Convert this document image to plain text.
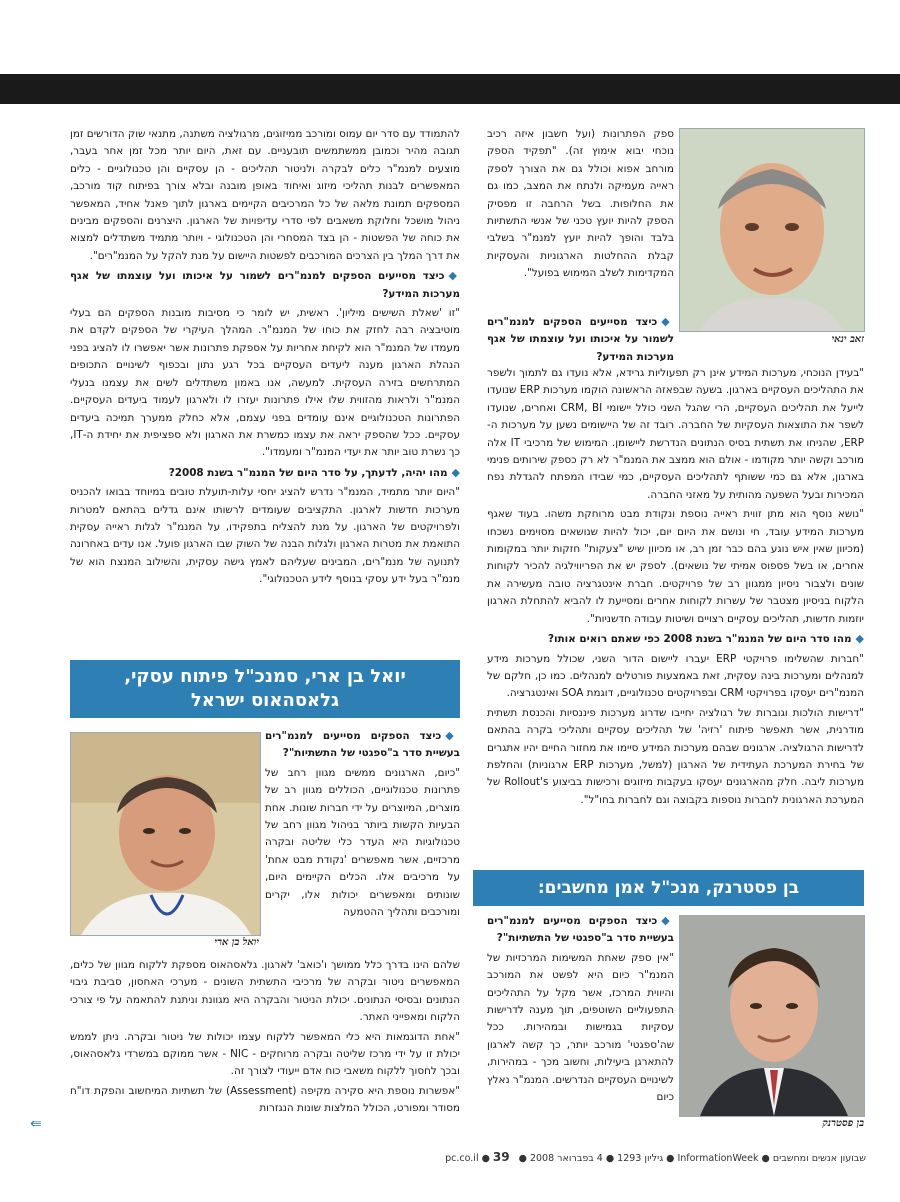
ספק הפתרונות (ועל חשבון איזה רכיב נוכחי יבוא אימוץ זה). "תפקיד הספק מורחב אפוא וכולל גם את הצורך לספק ראייה מעמיקה ולנתח את המצב, כמו גם את החלופות. בשל הרחבה זו מפסיק הספק להיות יועץ טכני של אנשי התשתיות בלבד והופך להיות יועץ למנמ"ר בשלבי קבלת ההחלטות הארגוניות והעסקיות המקדימות לשלב המימוש בפועל".

זאב ינאי

◆כיצד מסייעים הספקים למנמ"רים לשמור על איכותו ועל עוצמתו של אגף מערכות המידע?

"בעידן הנוכחי, מערכות המידע אינן רק תפעוליות גרידא, אלא נועדו גם לתמוך ולשפר את התהליכים העסקיים בארגון. בשעה שבפאזה הראשונה הוקמו מערכות ERP שנועדו לייעל את תהליכים העסקיים, הרי שהגל השני כולל יישומי CRM, BI ואחרים, שנועדו לשפר את התוצאות העסקיות של החברה. רובד זה של היישומים נשען על מערכות ה-ERP, שהניחו את תשתית בסיס הנתונים הנדרשת ליישומן. המימוש של מרכיבי IT אלה מורכב וקשה יותר מקודמו - אולם הוא ממצב את המנמ"ר לא רק כספק שירותים פנימי בארגון, אלא גם כמי ששותף לתהליכים העסקיים, כמי שבידו המפתח להגדלת נפח המכירות ובעל השפעה מהותית על מאזני החברה.

"נושא נוסף הוא מתן זווית ראייה נוספת ונקודת מבט מרוחקת משהו. בעוד שאגף מערכות המידע עובד, חי ונושם את היום יום, יכול להיות שנושאים מסוימים נשכחו (מכיוון שאין איש נוגע בהם כבר זמן רב, או מכיוון שיש "צעקות" חזקות יותר במקומות אחרים, או בשל פספוס אמיתי של נושאים). לספק יש את הפריווילגיה להכיר לקוחות שונים ולצבור ניסיון ממגוון רב של פרויקטים. חברת אינטגרציה טובה מעשירה את הלקוח בניסיון מצטבר של עשרות לקוחות אחרים ומסייעת לו להביא להתחלת הארגון יוזמות חדשות, תהליכים עסקיים רצויים ושיטות עבודה חדשניות".

◆מהו סדר היום של המנמ"ר בשנת 2008 כפי שאתם רואים אותו?

"חברות שהשלימו פרויקטי ERP יעברו ליישום הדור השני, שכולל מערכות מידע למנהלים ומערכות בינה עסקית, זאת באמצעות פורטלים למנהלים. כמו כן, חלקם של המנמ"רים יעסקו בפרויקטי CRM ובפרויקטים טכנולוגיים, דוגמת SOA ואינטגרציה.

"דרישות הולכות וגוברות של רגולציה יחייבו שדרוג מערכות פיננסיות והכנסת תשתית מודרנית, אשר תאפשר פיתוח 'רזיה' של תהליכים עסקיים ותהליכי בקרה בהתאם לדרישות הרגולציה. ארגונים שבהם מערכות המידע סיימו את מחזור החיים יהיו אתגרים של בחירת המערכת העתידית של הארגון (למשל, מערכות ERP ארגוניות) והחלפת מערכות ליבה. חלק מהארגונים יעסקו בעקבות מיזוגים ורכישות בביצוע Rollout's של המערכת הארגונית לחברות נוספות בקבוצה וגם לחברות בחו"ל".

בן פסטרנק, מנכ"ל אמן מחשבים:
בן פסטרנק

◆כיצד הספקים מסייעים למנמ"רים בעשיית סדר ב"ספגטי של התשתיות"?

"אין ספק שאחת המשימות המרכזיות של המנמ"ר כיום היא לפשט את המורכב והיווית המרכז, אשר מקל על התהליכים התפעוליים השוטפים, תוך מענה לדרישות עסקיות בגמישות ובמהירות. ככל שה'ספגטי' מורכב יותר, כך קשה לארגון להתארגן ביעילות, וחשוב מכך - במהירות, לשינויים העסקיים הנדרשים. המנמ"ר נאלץ כיום

להתמודד עם סדר יום עמוס ומורכב ממיזוגים, מרגולציה משתנה, מתנאי שוק הדורשים זמן תגובה מהיר וכמובן ממשתמשים תובעניים. עם זאת, היום יותר מכל זמן אחר בעבר, מוצעים למנמ"ר כלים לבקרה ולניטור תהליכים - הן עסקיים והן טכנולוגיים - כלים המאפשרים לבנות תהליכי מיזוג ואיחוד באופן מובנה ובלא צורך בפיתוח קוד מורכב, המספקים תמונת מלאה של כל המרכיבים הקיימים בארגון לתוך פאנל אחיד, המאפשר ניהול מושכל וחלוקת משאבים לפי סדרי עדיפויות של הארגון. היצרנים והספקים מבינים את כוחה של הפשטות - הן בצד המסחרי והן הטכנולוגי - ויותר מתמיד משתדלים למצוא את דרך המלך בין הצרכים המורכבים לפשטות היישום על מנת להקל על המנמ"רים".

◆כיצד מסייעים הספקים למנמ"רים לשמור על איכותו ועל עוצמתו של אגף מערכות המידע?

"זו 'שאלת השישים מיליון'. ראשית, יש לומר כי מסיבות מובנות הספקים הם בעלי מוטיבציה רבה לחזק את כוחו של המנמ"ר. המהלך העיקרי של הספקים לקדם את מעמדו של המנמ"ר הוא לקיחת אחריות על אספקת פתרונות אשר יאפשרו לו להציג בפני הנהלת הארגון מענה ליעדים העסקיים בכל רגע נתון ובכפוף לשינויים התכופים המתרחשים בזירה העסקית. למעשה, אנו באמון משתדלים לשים את עצמנו בנעלי המנמ"ר ולראות מהזווית שלו אילו פתרונות יעזרו לו ולארגון לעמוד ביעדים העסקיים. הפתרונות הטכנולוגיים אינם עומדים בפני עצמם, אלא כחלק ממערך תמיכה ביעדים עסקיים. ככל שהספק יראה את עצמו כמשרת את הארגון ולא ספציפית את יחידת ה-IT, כך נשרת טוב יותר את יעדי המנמ"ר ומעמדו".

◆מהו יהיה, לדעתך, על סדר היום של המנמ"ר בשנת 2008?

"היום יותר מתמיד, המנמ"ר נדרש להציג יחסי עלות-תועלת טובים במיוחד בבואו להכניס מערכות חדשות לארגון. התקציבים שעומדים לרשותו אינם גדלים בהתאם למטרות ולפרויקטים של הארגון. על מנת להצליח בתפקידו, על המנמ"ר לגלות ראייה עסקית התואמת את מטרות הארגון ולגלות הבנה של השוק שבו הארגון פועל. אנו עדים באחרונה לתנועה של מנמ"רים, המבינים שעליהם לאמץ גישה עסקית, והשילוב המנצח הוא של מנמ"ר בעל ידע עסקי בנוסף לידע הטכנולוגי".

יואל בן ארי, סמנכ"ל פיתוח עסקי, גלאסהאוס ישראל

◆כיצד הספקים מסייעים למנמ"רים בעשיית סדר ב"ספגטי של התשתיות"?

"כיום, הארגונים ממשים מגוון רחב של פתרונות טכנולוגיים, הכוללים מגוון רב של מוצרים, המיוצרים על ידי חברות שונות. אחת הבעיות הקשות ביותר בניהול מגוון רחב של טכנולוגיות היא העדר כלי שליטה ובקרה מרכזיים, אשר מאפשרים 'נקודת מבט אחת' על מרכיבים אלו. הכלים הקיימים היום, שונותים ומאפשרים יכולות אלו, יקרים ומורכבים ותהליך ההטמעה

יואל בן ארי

שלהם הינו בדרך כלל ממושך ו'כואב' לארגון. גלאסהאוס מספקת ללקוח מגוון של כלים, המאפשרים ניטור ובקרה של מרכיבי התשתית השונים - מערכי האחסון, סביבת גיבוי הנתונים ובסיסי הנתונים. יכולת הניטור והבקרה היא מגוונת וניתנת להתאמה על פי צורכי הלקוח ומאפייני האתר.

"אחת הדוגמאות היא כלי המאפשר ללקוח עצמו יכולות של ניטור ובקרה. ניתן לממש יכולת זו על ידי מרכז שליטה ובקרה מרוחקים - NIC - אשר ממוקם במשרדי גלאסהאוס, ובכך לחסוך ללקוח משאבי כוח אדם ייעודי לצורך זה.

"אפשרות נוספת היא סקירה מקיפה (Assessment) של תשתיות המיחשוב והפקת דו"ח מסודר ומפורט, הכולל המלצות שונות הנגזרות

⇚
שבועון אנשים ומחשבים ● InformationWeek ● גיליון 1293 ● 4 בפברואר 2008 ● pc.co.il ● 39
